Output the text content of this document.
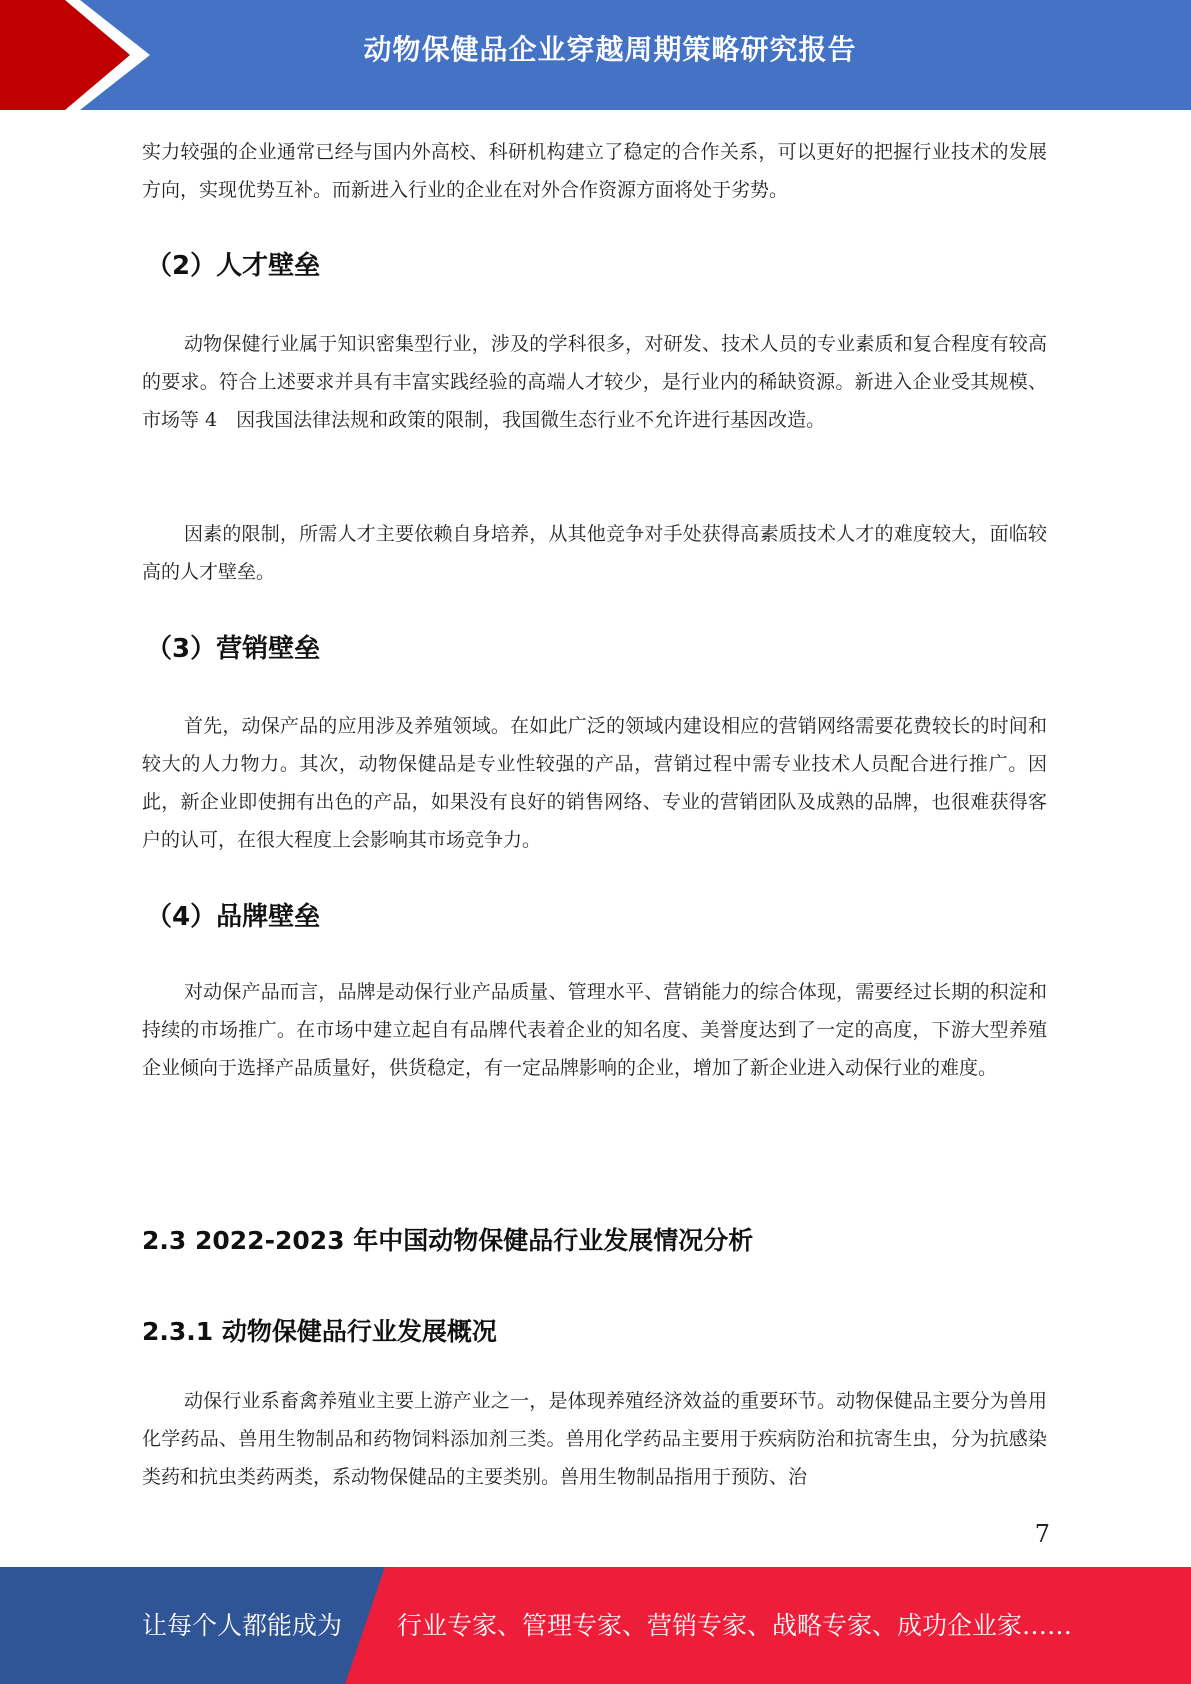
动物保健品企业穿越周期策略研究报告

实力较强的企业通常已经与国内外高校、科研机构建立了稳定的合作关系，可以更好的把握行业技术的发展方向，实现优势互补。而新进入行业的企业在对外合作资源方面将处于劣势。

（2）人才壁垒

动物保健行业属于知识密集型行业，涉及的学科很多，对研发、技术人员的专业素质和复合程度有较高的要求。符合上述要求并具有丰富实践经验的高端人才较少，是行业内的稀缺资源。新进入企业受其规模、市场等 4　因我国法律法规和政策的限制，我国微生态行业不允许进行基因改造。

因素的限制，所需人才主要依赖自身培养，从其他竞争对手处获得高素质技术人才的难度较大，面临较高的人才壁垒。

（3）营销壁垒

首先，动保产品的应用涉及养殖领域。在如此广泛的领域内建设相应的营销网络需要花费较长的时间和较大的人力物力。其次，动物保健品是专业性较强的产品，营销过程中需专业技术人员配合进行推广。因此，新企业即使拥有出色的产品，如果没有良好的销售网络、专业的营销团队及成熟的品牌，也很难获得客户的认可，在很大程度上会影响其市场竞争力。

（4）品牌壁垒

对动保产品而言，品牌是动保行业产品质量、管理水平、营销能力的综合体现，需要经过长期的积淀和持续的市场推广。在市场中建立起自有品牌代表着企业的知名度、美誉度达到了一定的高度，下游大型养殖企业倾向于选择产品质量好，供货稳定，有一定品牌影响的企业，增加了新企业进入动保行业的难度。

2.3 2022-2023 年中国动物保健品行业发展情况分析
2.3.1 动物保健品行业发展概况

动保行业系畜禽养殖业主要上游产业之一，是体现养殖经济效益的重要环节。动物保健品主要分为兽用化学药品、兽用生物制品和药物饲料添加剂三类。兽用化学药品主要用于疾病防治和抗寄生虫，分为抗感染类药和抗虫类药两类，系动物保健品的主要类别。兽用生物制品指用于预防、治

7
让每个人都能成为 行业专家、管理专家、营销专家、战略专家、成功企业家……
